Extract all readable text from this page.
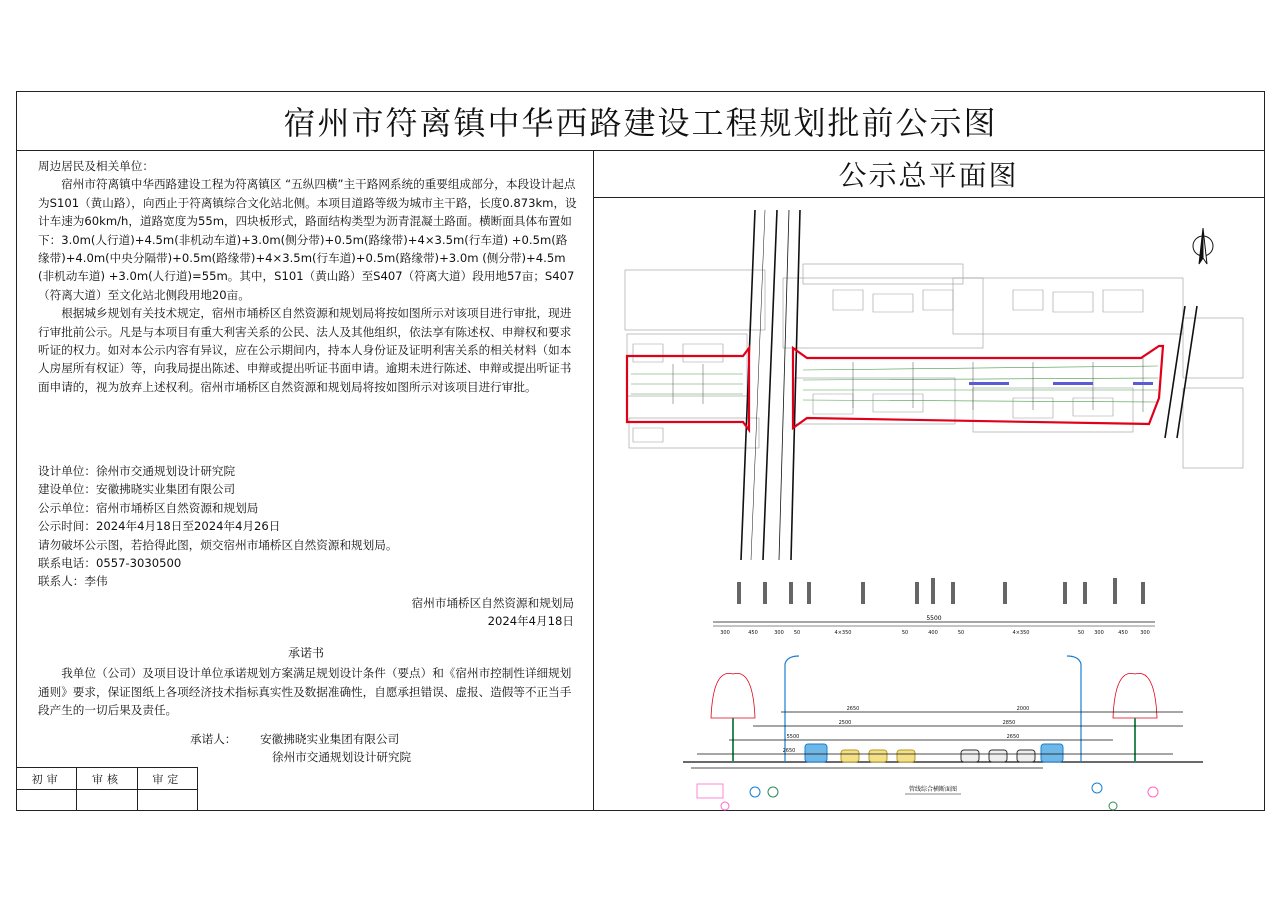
宿州市符离镇中华西路建设工程规划批前公示图

周边居民及相关单位：

宿州市符离镇中华西路建设工程为符离镇区 “五纵四横”主干路网系统的重要组成部分，本段设计起点为S101（黄山路），向西止于符离镇综合文化站北侧。本项目道路等级为城市主干路，长度0.873km，设计车速为60km/h，道路宽度为55m，四块板形式，路面结构类型为沥青混凝土路面。横断面具体布置如下：3.0m(人行道)+4.5m(非机动车道)+3.0m(侧分带)+0.5m(路缘带)+4×3.5m(行车道) +0.5m(路缘带)+4.0m(中央分隔带)+0.5m(路缘带)+4×3.5m(行车道)+0.5m(路缘带)+3.0m (侧分带)+4.5m (非机动车道) +3.0m(人行道)=55m。其中，S101（黄山路）至S407（符离大道）段用地57亩；S407（符离大道）至文化站北侧段用地20亩。

根据城乡规划有关技术规定，宿州市埇桥区自然资源和规划局将按如图所示对该项目进行审批，现进行审批前公示。凡是与本项目有重大利害关系的公民、法人及其他组织，依法享有陈述权、申辩权和要求听证的权力。如对本公示内容有异议，应在公示期间内，持本人身份证及证明利害关系的相关材料（如本人房屋所有权证）等，向我局提出陈述、申辩或提出听证书面申请。逾期未进行陈述、申辩或提出听证书面申请的，视为放弃上述权利。宿州市埇桥区自然资源和规划局将按如图所示对该项目进行审批。

设计单位：徐州市交通规划设计研究院

建设单位：安徽拂晓实业集团有限公司

公示单位：宿州市埇桥区自然资源和规划局

公示时间：2024年4月18日至2024年4月26日

请勿破坏公示图，若拾得此图，烦交宿州市埇桥区自然资源和规划局。

联系电话：0557-3030500

联系人：李伟

宿州市埇桥区自然资源和规划局

2024年4月18日

承诺书

我单位（公司）及项目设计单位承诺规划方案满足规划设计条件（要点）和《宿州市控制性详细规划通则》要求，保证图纸上各项经济技术指标真实性及数据准确性，自愿承担错误、虚报、造假等不正当手段产生的一切后果及责任。

承诺人： 安徽拂晓实业集团有限公司
徐州市交通规划设计研究院
初审	审核	审定
公示总平面图
5500
300	450	300 50	4×350	50	400	50	4×350	50 300	450 300
2650	2000
2500	2850
5500	2650
2650
管线综合横断面图
